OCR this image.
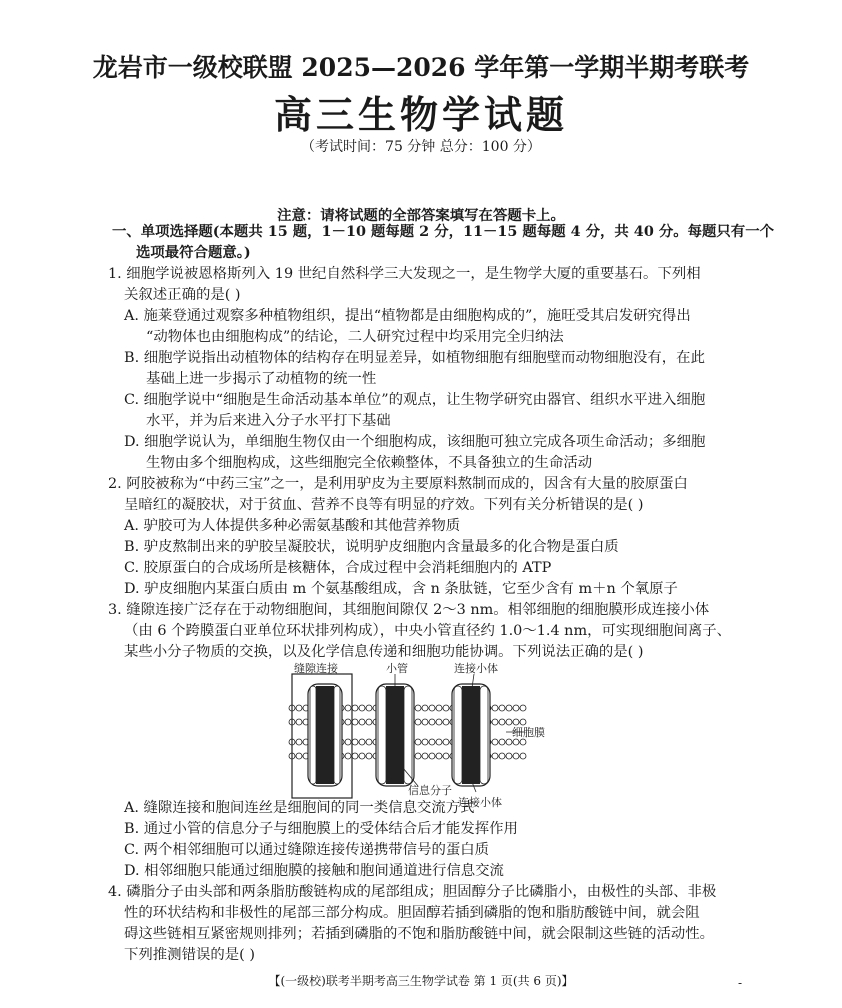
龙岩市一级校联盟 2025—2026 学年第一学期半期考联考
高三生物学试题
（考试时间：75 分钟 总分：100 分）
注意：请将试题的全部答案填写在答题卡上。
一、单项选择题(本题共 15 题，1－10 题每题 2 分，11－15 题每题 4 分，共 40 分。每题只有一个
选项最符合题意。)
1. 细胞学说被恩格斯列入 19 世纪自然科学三大发现之一，是生物学大厦的重要基石。下列相
关叙述正确的是( )
A. 施莱登通过观察多种植物组织，提出“植物都是由细胞构成的”，施旺受其启发研究得出
“动物体也由细胞构成”的结论，二人研究过程中均采用完全归纳法
B. 细胞学说指出动植物体的结构存在明显差异，如植物细胞有细胞壁而动物细胞没有，在此
基础上进一步揭示了动植物的统一性
C. 细胞学说中“细胞是生命活动基本单位”的观点，让生物学研究由器官、组织水平进入细胞
水平，并为后来进入分子水平打下基础
D. 细胞学说认为，单细胞生物仅由一个细胞构成，该细胞可独立完成各项生命活动；多细胞
生物由多个细胞构成，这些细胞完全依赖整体，不具备独立的生命活动
2. 阿胶被称为“中药三宝”之一，是利用驴皮为主要原料熬制而成的，因含有大量的胶原蛋白
呈暗红的凝胶状，对于贫血、营养不良等有明显的疗效。下列有关分析错误的是( )
A. 驴胶可为人体提供多种必需氨基酸和其他营养物质
B. 驴皮熬制出来的驴胶呈凝胶状，说明驴皮细胞内含量最多的化合物是蛋白质
C. 胶原蛋白的合成场所是核糖体，合成过程中会消耗细胞内的 ATP
D. 驴皮细胞内某蛋白质由 m 个氨基酸组成，含 n 条肽链，它至少含有 m＋n 个氧原子
3. 缝隙连接广泛存在于动物细胞间，其细胞间隙仅 2～3 nm。相邻细胞的细胞膜形成连接小体
（由 6 个跨膜蛋白亚单位环状排列构成），中央小管直径约 1.0～1.4 nm，可实现细胞间离子、
缝隙连接	小管	连接小体
细胞膜
信息分子
连接小体
A. 缝隙连接和胞间连丝是细胞间的同一类信息交流方式
B. 通过小管的信息分子与细胞膜上的受体结合后才能发挥作用
【(一级校)联考半期考高三生物学试卷 第 1 页(共 6 页)】	-
某些小分子物质的交换，以及化学信息传递和细胞功能协调。下列说法正确的是( )
C. 两个相邻细胞可以通过缝隙连接传递携带信号的蛋白质
D. 相邻细胞只能通过细胞膜的接触和胞间通道进行信息交流
4. 磷脂分子由头部和两条脂肪酸链构成的尾部组成；胆固醇分子比磷脂小，由极性的头部、非极
性的环状结构和非极性的尾部三部分构成。胆固醇若插到磷脂的饱和脂肪酸链中间，就会阻
碍这些链相互紧密规则排列；若插到磷脂的不饱和脂肪酸链中间，就会限制这些链的活动性。
下列推测错误的是( )
